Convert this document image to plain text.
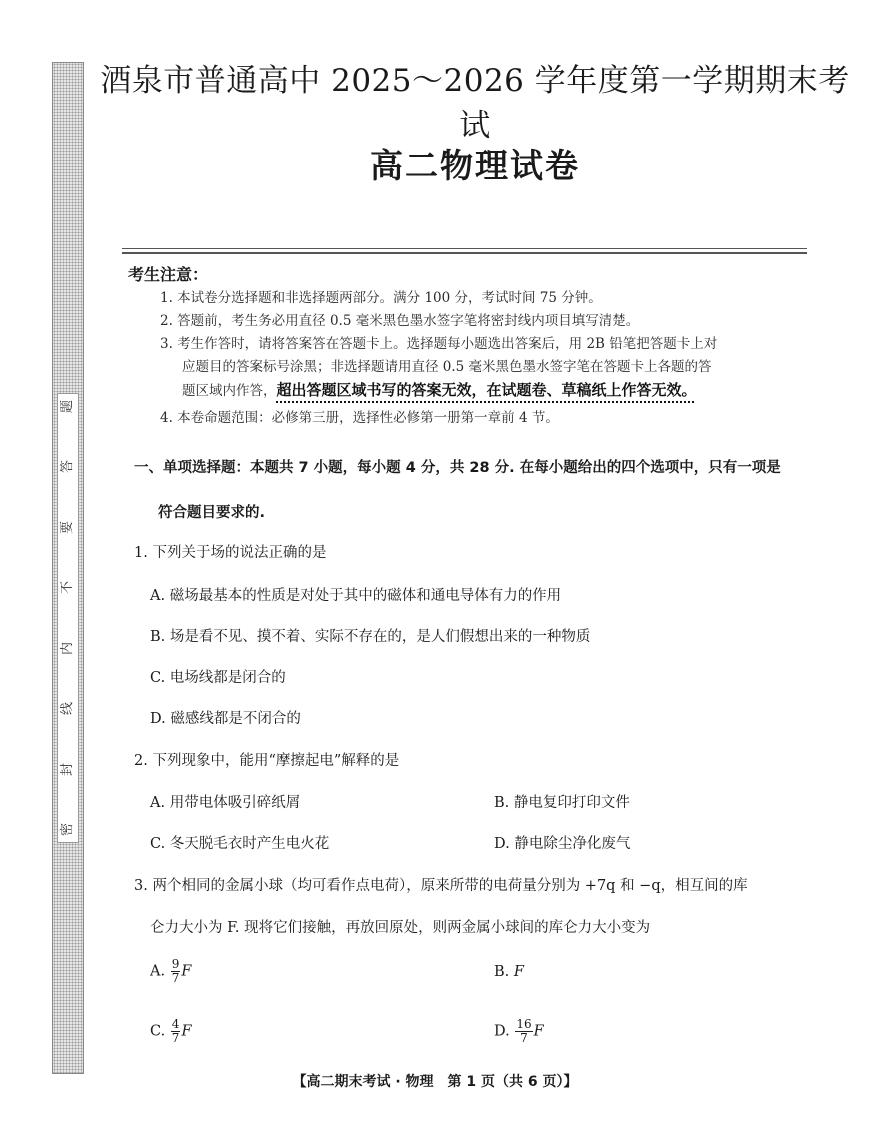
密
封
线
内
不
要
答
题
酒泉市普通高中 2025～2026 学年度第一学期期末考试
高二物理试卷
考生注意：
1. 本试卷分选择题和非选择题两部分。满分 100 分，考试时间 75 分钟。
2. 答题前，考生务必用直径 0.5 毫米黑色墨水签字笔将密封线内项目填写清楚。
3. 考生作答时，请将答案答在答题卡上。选择题每小题选出答案后，用 2B 铅笔把答题卡上对
应题目的答案标号涂黑；非选择题请用直径 0.5 毫米黑色墨水签字笔在答题卡上各题的答
题区域内作答，超出答题区域书写的答案无效，在试题卷、草稿纸上作答无效。
4. 本卷命题范围：必修第三册，选择性必修第一册第一章前 4 节。
一、单项选择题：本题共 7 小题，每小题 4 分，共 28 分. 在每小题给出的四个选项中，只有一项是
符合题目要求的.
1. 下列关于场的说法正确的是
A. 磁场最基本的性质是对处于其中的磁体和通电导体有力的作用
B. 场是看不见、摸不着、实际不存在的，是人们假想出来的一种物质
C. 电场线都是闭合的
D. 磁感线都是不闭合的
2. 下列现象中，能用“摩擦起电”解释的是
A. 用带电体吸引碎纸屑	B. 静电复印打印文件
C. 冬天脱毛衣时产生电火花	D. 静电除尘净化废气
3. 两个相同的金属小球（均可看作点电荷），原来所带的电荷量分别为 +7q 和 −q，相互间的库
仑力大小为 F. 现将它们接触，再放回原处，则两金属小球间的库仑力大小变为
A. $\frac{9}{7}$ F	B. F
C. $\frac{4}{7}$ F	D. $\frac{16}{7}$ F
【高二期末考试 · 物理　第 1 页（共 6 页）】
